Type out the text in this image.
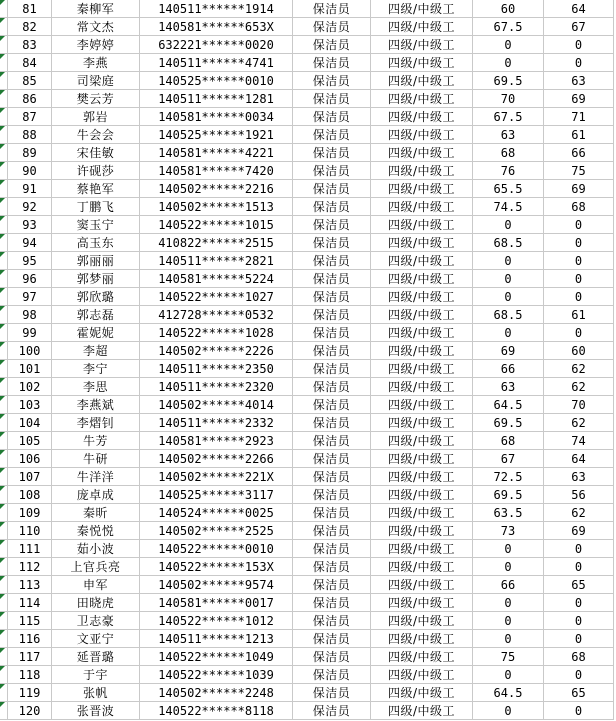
81	秦柳军	140511******1914	保洁员	四级/中级工	60	64
82	常文杰	140581******653X	保洁员	四级/中级工	67.5	67
83	李婷婷	632221******0020	保洁员	四级/中级工	0	0
84	李燕	140511******4741	保洁员	四级/中级工	0	0
85	司梁庭	140525******0010	保洁员	四级/中级工	69.5	63
86	樊云芳	140511******1281	保洁员	四级/中级工	70	69
87	郭岩	140581******0034	保洁员	四级/中级工	67.5	71
88	牛会会	140525******1921	保洁员	四级/中级工	63	61
89	宋佳敏	140581******4221	保洁员	四级/中级工	68	66
90	许砚莎	140581******7420	保洁员	四级/中级工	76	75
91	蔡艳军	140502******2216	保洁员	四级/中级工	65.5	69
92	丁鹏飞	140502******1513	保洁员	四级/中级工	74.5	68
93	窦玉宁	140522******1015	保洁员	四级/中级工	0	0
94	高玉东	410822******2515	保洁员	四级/中级工	68.5	0
95	郭丽丽	140511******2821	保洁员	四级/中级工	0	0
96	郭梦丽	140581******5224	保洁员	四级/中级工	0	0
97	郭欣璐	140522******1027	保洁员	四级/中级工	0	0
98	郭志磊	412728******0532	保洁员	四级/中级工	68.5	61
99	霍妮妮	140522******1028	保洁员	四级/中级工	0	0
100	李超	140502******2226	保洁员	四级/中级工	69	60
101	李宁	140511******2350	保洁员	四级/中级工	66	62
102	李思	140511******2320	保洁员	四级/中级工	63	62
103	李燕斌	140502******4014	保洁员	四级/中级工	64.5	70
104	李熠钊	140511******2332	保洁员	四级/中级工	69.5	62
105	牛芳	140581******2923	保洁员	四级/中级工	68	74
106	牛研	140502******2266	保洁员	四级/中级工	67	64
107	牛洋洋	140502******221X	保洁员	四级/中级工	72.5	63
108	庞卓成	140525******3117	保洁员	四级/中级工	69.5	56
109	秦昕	140524******0025	保洁员	四级/中级工	63.5	62
110	秦悦悦	140502******2525	保洁员	四级/中级工	73	69
111	茹小波	140522******0010	保洁员	四级/中级工	0	0
112	上官兵亮	140522******153X	保洁员	四级/中级工	0	0
113	申军	140502******9574	保洁员	四级/中级工	66	65
114	田晓虎	140581******0017	保洁员	四级/中级工	0	0
115	卫志豪	140522******1012	保洁员	四级/中级工	0	0
116	文亚宁	140511******1213	保洁员	四级/中级工	0	0
117	延晋璐	140522******1049	保洁员	四级/中级工	75	68
118	于宇	140522******1039	保洁员	四级/中级工	0	0
119	张帆	140502******2248	保洁员	四级/中级工	64.5	65
120	张晋波	140522******8118	保洁员	四级/中级工	0	0
